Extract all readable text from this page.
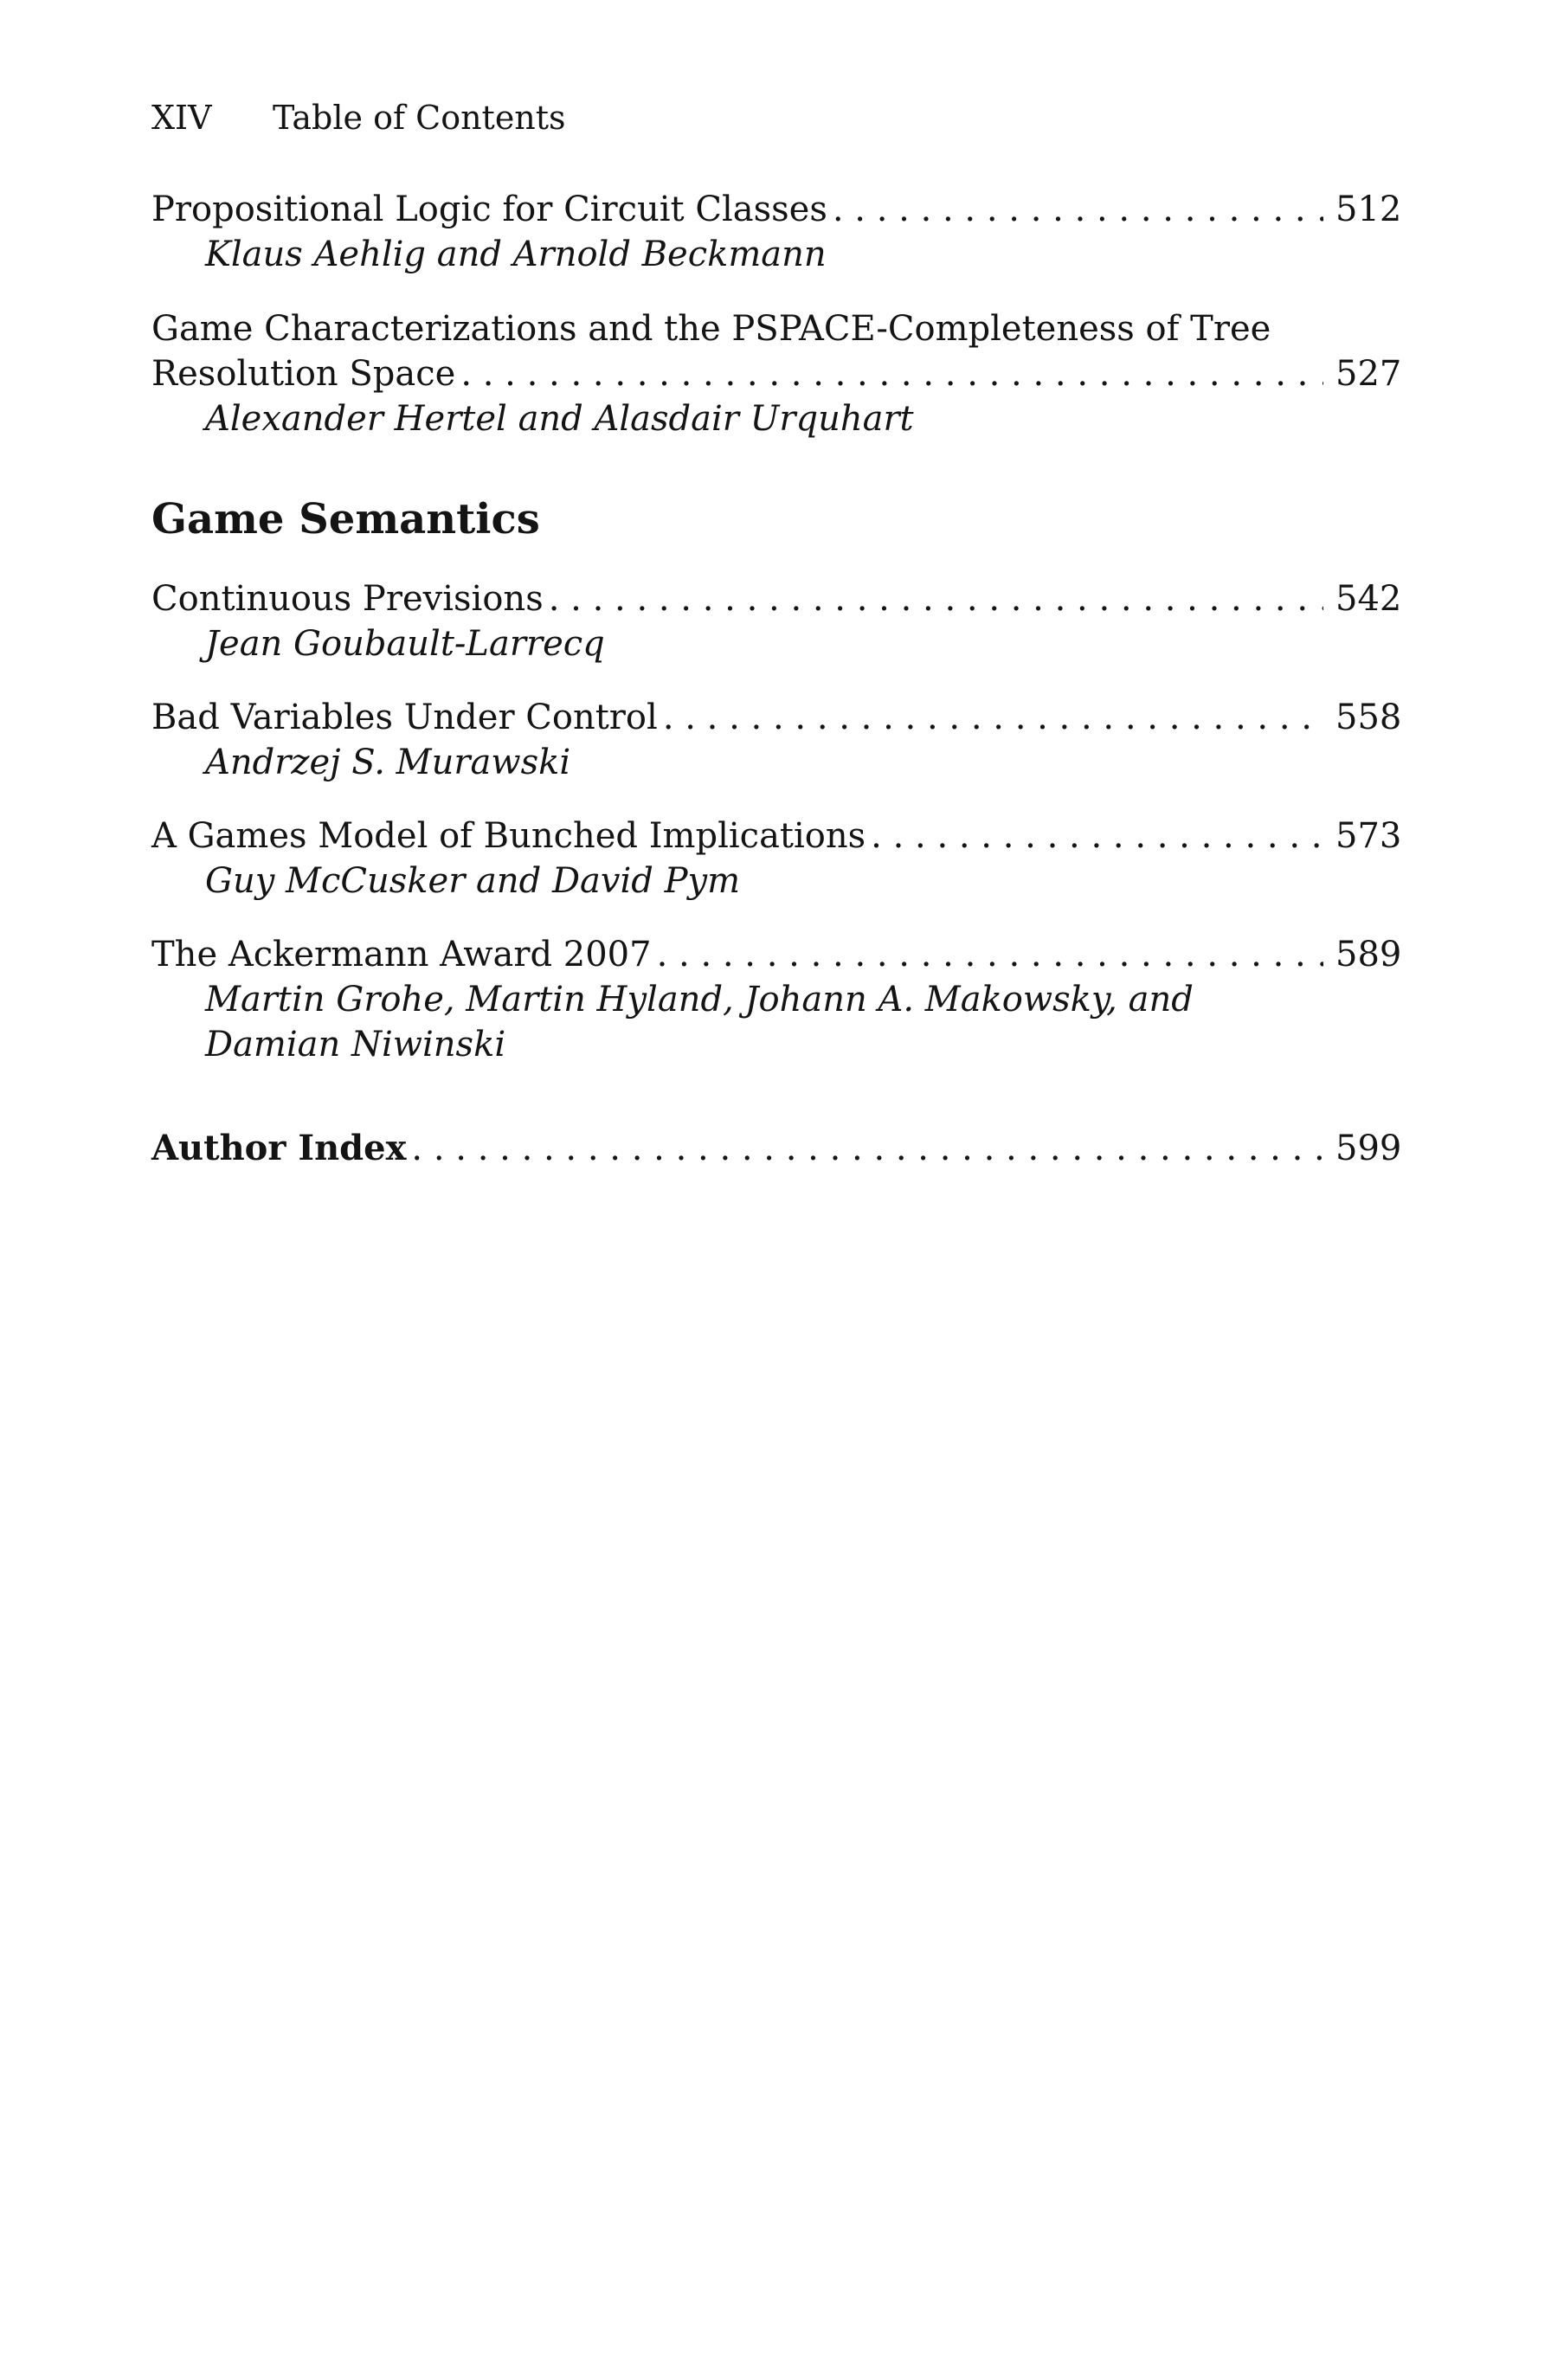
XIV Table of Contents
Propositional Logic for Circuit Classes . . .	512
Klaus Aehlig and Arnold Beckmann
Game Characterizations and the PSPACE-Completeness of Tree
Resolution Space . . .	527
Alexander Hertel and Alasdair Urquhart
Game Semantics
Continuous Previsions . . .	542
Jean Goubault-Larrecq
Bad Variables Under Control . . .	558
Andrzej S. Murawski
A Games Model of Bunched Implications . . .	573
Guy McCusker and David Pym
The Ackermann Award 2007 . . .	589
Martin Grohe, Martin Hyland, Johann A. Makowsky, and
Damian Niwinski
Author Index . . .	599
